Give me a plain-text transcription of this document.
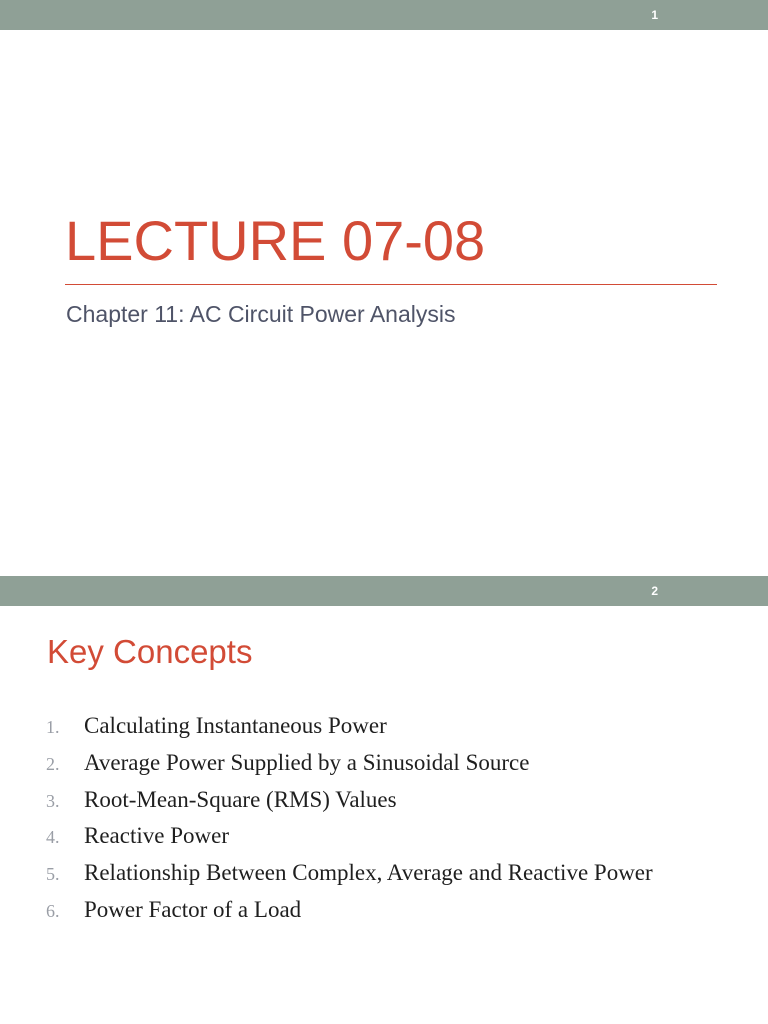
1
LECTURE 07-08
Chapter 11: AC Circuit Power Analysis
2
Key Concepts
1.	Calculating Instantaneous Power
2.	Average Power Supplied by a Sinusoidal Source
3.	Root-Mean-Square (RMS) Values
4.	Reactive Power
5.	Relationship Between Complex, Average and Reactive Power
6.	Power Factor of a Load
